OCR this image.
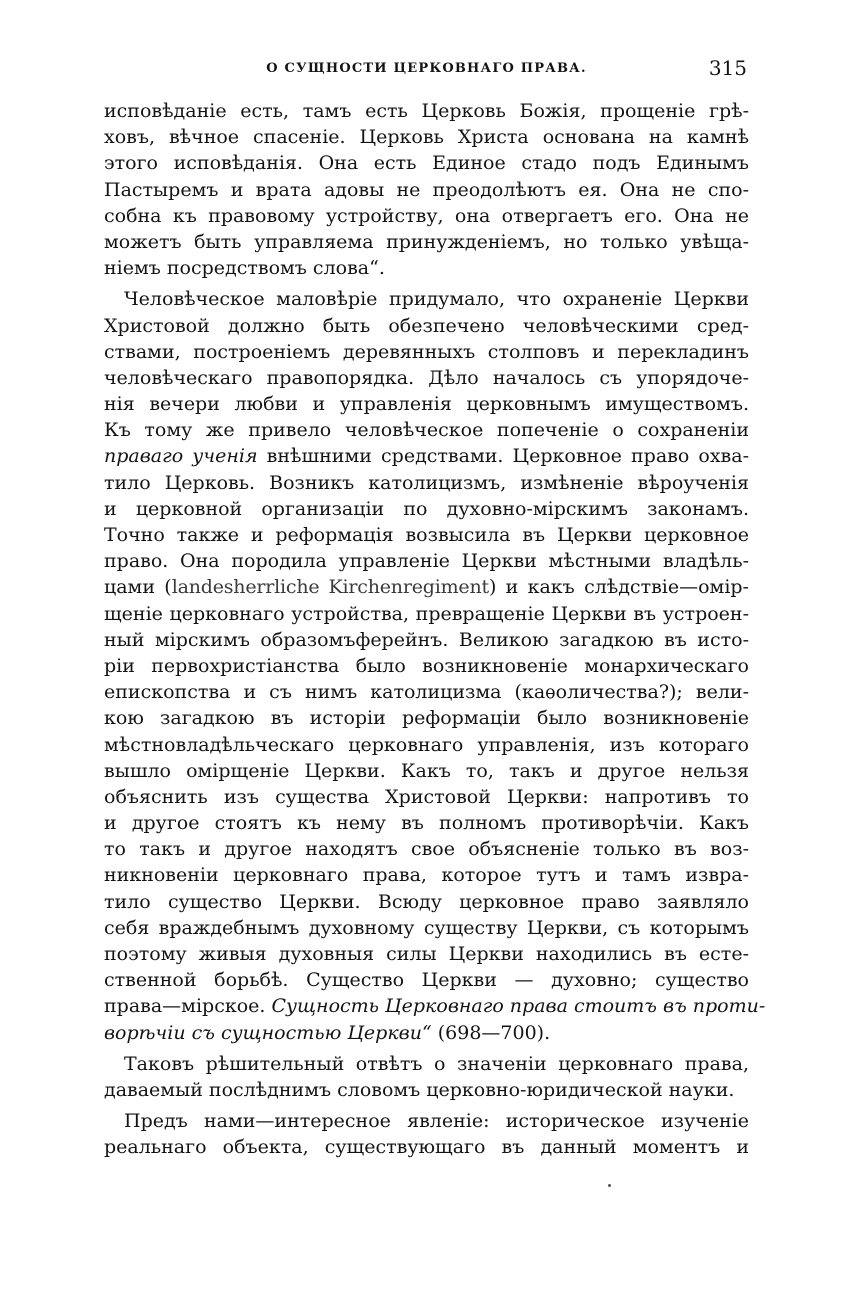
О СУЩНОСТИ ЦЕРКОВНАГО ПРАВА.	315
исповѣданіе есть, тамъ есть Церковь Божія, прощеніе грѣ-
ховъ, вѣчное спасеніе. Церковь Христа основана на камнѣ
этого исповѣданія. Она есть Единое стадо подъ Единымъ
Пастыремъ и врата адовы не преодолѣютъ ея. Она не спо-
собна къ правовому устройству, она отвергаетъ его. Она не
можетъ быть управляема принужденіемъ, но только увѣща-
ніемъ посредствомъ слова“.
Человѣческое маловѣріе придумало, что охраненіе Церкви
Христовой должно быть обезпечено человѣческими сред-
ствами, построеніемъ деревянныхъ столповъ и перекладинъ
человѣческаго правопорядка. Дѣло началось съ упорядоче-
нія вечери любви и управленія церковнымъ имуществомъ.
Къ тому же привело человѣческое попеченіе о сохраненіи
праваго ученія внѣшними средствами. Церковное право охва-
тило Церковь. Возникъ католицизмъ, измѣненіе вѣроученія
и церковной организаціи по духовно-мірскимъ законамъ.
Точно также и реформація возвысила въ Церкви церковное
право. Она породила управленіе Церкви мѣстными владѣль-
цами (landesherrliche Kirchenregiment) и какъ слѣдствіе—омір-
щеніе церковнаго устройства, превращеніе Церкви въ устроен-
ный мірскимъ образомъферейнъ. Великою загадкою въ исто-
ріи первохристіанства было возникновеніе монархическаго
епископства и съ нимъ католицизма (каѳоличества?); вели-
кою загадкою въ исторіи реформаціи было возникновеніе
мѣстновладѣльческаго церковнаго управленія, изъ котораго
вышло омірщеніе Церкви. Какъ то, такъ и другое нельзя
объяснить изъ существа Христовой Церкви: напротивъ то
и другое стоятъ къ нему въ полномъ противорѣчіи. Какъ
то такъ и другое находятъ свое объясненіе только въ воз-
никновеніи церковнаго права, которое тутъ и тамъ извра-
тило существо Церкви. Всюду церковное право заявляло
себя враждебнымъ духовному существу Церкви, съ которымъ
поэтому живыя духовныя силы Церкви находились въ есте-
ственной борьбѣ. Существо Церкви — духовно; существо
права—мірское. Сущность Церковнаго права стоитъ въ проти-
ворѣчіи съ сущностью Церкви“ (698—700).
Таковъ рѣшительный отвѣтъ о значеніи церковнаго права,
даваемый послѣднимъ словомъ церковно-юридической науки.
Предъ нами—интересное явленіе: историческое изученіе
реальнаго объекта, существующаго въ данный моментъ и
